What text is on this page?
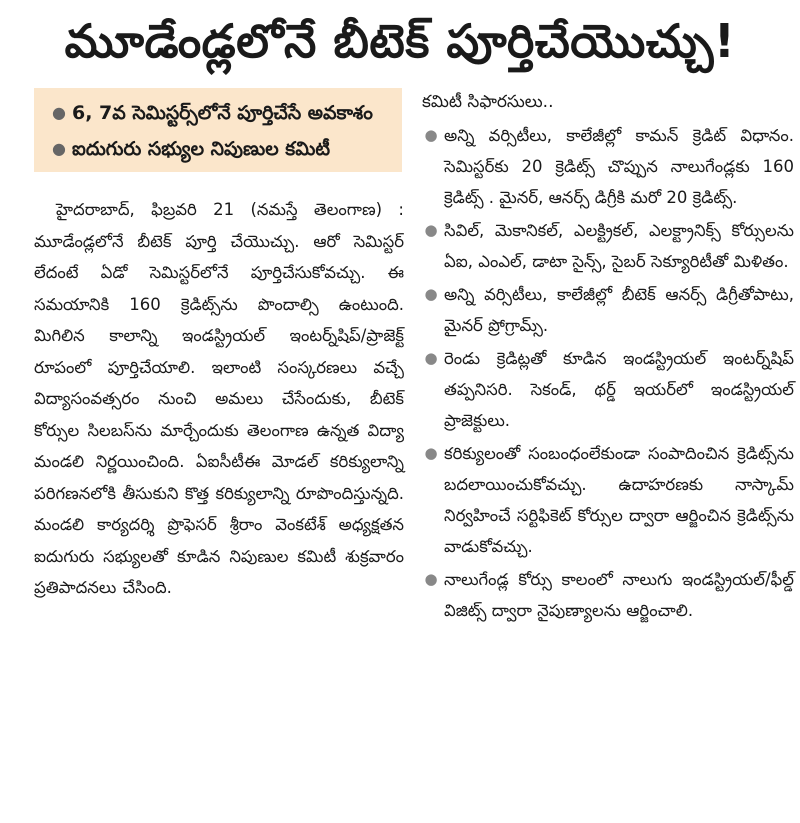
మూడేండ్లలోనే బీటెక్ పూర్తిచేయొచ్చు!
● 6, 7వ సెమిస్టర్స్‌లోనే పూర్తిచేసే అవకాశం
● ఐదుగురు సభ్యుల నిపుణుల కమిటీ
హైదరాబాద్, ఫిబ్రవరి 21 (నమస్తే తెలంగాణ) : మూడేండ్లలోనే బీటెక్ పూర్తి చేయొచ్చు. ఆరో సెమిస్టర్ లేదంటే ఏడో సెమిస్టర్‌లోనే పూర్తిచేసుకోవచ్చు. ఈ సమయానికి 160 క్రెడిట్స్‌ను పొందాల్సి ఉంటుంది. మిగిలిన కాలాన్ని ఇండస్ట్రియల్ ఇంటర్న్‌షిప్/ప్రాజెక్ట్ రూపంలో పూర్తిచేయాలి. ఇలాంటి సంస్కరణలు వచ్చే విద్యాసంవత్సరం నుంచి అమలు చేసేందుకు, బీటెక్ కోర్సుల సిలబస్‌ను మార్చేందుకు తెలంగాణ ఉన్నత విద్యా మండలి నిర్ణయించింది. ఏఐసీటీఈ మోడల్ కరిక్యులాన్ని పరిగణనలోకి తీసుకుని కొత్త కరిక్యులాన్ని రూపొందిస్తున్నది. మండలి కార్యదర్శి ప్రొఫెసర్ శ్రీరాం వెంకటేశ్ అధ్యక్షతన ఐదుగురు సభ్యులతో కూడిన నిపుణుల కమిటీ శుక్రవారం ప్రతిపాదనలు చేసింది.
కమిటీ సిఫారసులు..
● అన్ని వర్సిటీలు, కాలేజీల్లో కామన్ క్రెడిట్ విధానం. సెమిస్టర్‌కు 20 క్రెడిట్స్ చొప్పున నాలుగేండ్లకు 160 క్రెడిట్స్ . మైనర్, ఆనర్స్ డిగ్రీకి మరో 20 క్రెడిట్స్.
● సివిల్, మెకానికల్, ఎలక్ట్రికల్, ఎలక్ట్రానిక్స్ కోర్సులను ఏఐ, ఎంఎల్, డాటా సైన్స్, సైబర్ సెక్యూరిటీతో మిళితం.
● అన్ని వర్సిటీలు, కాలేజీల్లో బీటెక్ ఆనర్స్ డిగ్రీతోపాటు, మైనర్ ప్రోగ్రామ్స్.
● రెండు క్రెడిట్లతో కూడిన ఇండస్ట్రియల్ ఇంటర్న్‌షిప్ తప్పనిసరి. సెకండ్, థర్డ్ ఇయర్‌లో ఇండస్ట్రియల్ ప్రాజెక్టులు.
● కరిక్యులంతో సంబంధంలేకుండా సంపాదించిన క్రెడిట్స్‌ను బదలాయించుకోవచ్చు. ఉదాహరణకు నాస్కామ్ నిర్వహించే సర్టిఫికెట్ కోర్సుల ద్వారా ఆర్జించిన క్రెడిట్స్‌ను వాడుకోవచ్చు.
● నాలుగేండ్ల కోర్సు కాలంలో నాలుగు ఇండస్ట్రియల్/ఫీల్డ్ విజిట్స్ ద్వారా నైపుణ్యాలను ఆర్జించాలి.
